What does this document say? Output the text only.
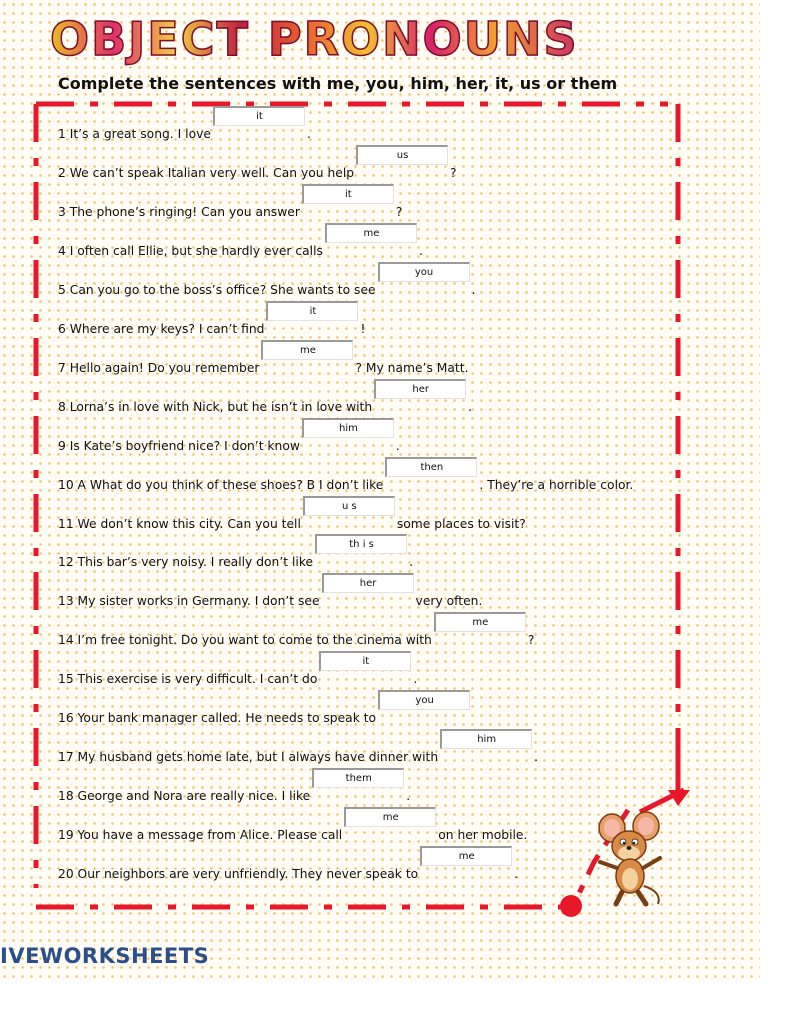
OBJECT PRONOUNS
Complete the sentences with me, you, him, her, it, us or them
1 It’s a great song. I love
it	.
2 We can’t speak Italian very well. Can you help
us	?
3 The phone’s ringing! Can you answer
it	?
4 I often call Ellie, but she hardly ever calls
me	.
5 Can you go to the boss’s office? She wants to see
you	.
6 Where are my keys? I can’t find
it	!
7 Hello again! Do you remember
me	? My name’s Matt.
8 Lorna’s in love with Nick, but he isn’t in love with
her	.
9 Is Kate’s boyfriend nice? I don’t know
him	.
10 A What do you think of these shoes? B I don’t like
then	. They’re a horrible color.
11 We don’t know this city. Can you tell
u s	some places to visit?
12 This bar’s very noisy. I really don’t like
th i s	.
13 My sister works in Germany. I don’t see
her	very often.
14 I’m free tonight. Do you want to come to the cinema with
me	?
15 This exercise is very difficult. I can’t do
it	.
16 Your bank manager called. He needs to speak to
you
17 My husband gets home late, but I always have dinner with
him	.
18 George and Nora are really nice. I like
them	.
19 You have a message from Alice. Please call
me	on her mobile.
20 Our neighbors are very unfriendly. They never speak to
me	.
IVEWORKSHEETS
